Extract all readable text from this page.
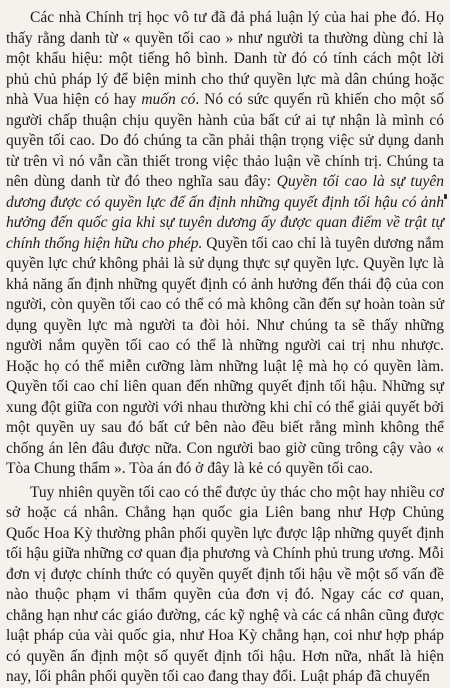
Các nhà Chính trị học vô tư đã đả phá luận lý của hai phe đó. Họ thấy rằng danh từ « quyền tối cao » như người ta thường dùng chỉ là một khẩu hiệu: một tiếng hô bình. Danh từ đó có tính cách một lời phủ chủ pháp lý để biện minh cho thứ quyền lực mà dân chúng hoặc nhà Vua hiện có hay muốn có. Nó có sức quyến rũ khiến cho một số người chấp thuận chịu quyền hành của bất cứ ai tự nhận là mình có quyền tối cao. Do đó chúng ta cần phải thận trọng việc sử dụng danh từ trên vì nó vẫn cần thiết trong việc thảo luận về chính trị. Chúng ta nên dùng danh từ đó theo nghĩa sau đây: Quyền tối cao là sự tuyên dương được có quyền lực để ấn định những quyết định tối hậu có ảnh hưởng đến quốc gia khi sự tuyên dương ấy được quan điểm về trật tự chính thống hiện hữu cho phép. Quyền tối cao chỉ là tuyên dương nắm quyền lực chứ không phải là sử dụng thực sự quyền lực. Quyền lực là khả năng ấn định những quyết định có ảnh hưởng đến thái độ của con người, còn quyền tối cao có thể có mà không cần đến sự hoàn toàn sử dụng quyền lực mà người ta đòi hỏi. Như chúng ta sẽ thấy những người nắm quyền tối cao có thể là những người cai trị nhu nhược. Hoặc họ có thể miễn cưỡng làm những luật lệ mà họ có quyền làm. Quyền tối cao chỉ liên quan đến những quyết định tối hậu. Những sự xung đột giữa con người với nhau thường khi chỉ có thể giải quyết bởi một quyền uy sau đó bất cứ bên nào đều biết rằng mình không thể chống án lên đâu được nữa. Con người bao giờ cũng trông cậy vào « Tòa Chung thẩm ». Tòa án đó ở đây là kẻ có quyền tối cao.

Tuy nhiên quyền tối cao có thể được ủy thác cho một hay nhiều cơ sở hoặc cá nhân. Chẳng hạn quốc gia Liên bang như Hợp Chủng Quốc Hoa Kỳ thường phân phối quyền lực được lập những quyết định tối hậu giữa những cơ quan địa phương và Chính phủ trung ương. Mỗi đơn vị được chính thức có quyền quyết định tối hậu về một số vấn đề nào thuộc phạm vi thẩm quyền của đơn vị đó. Ngay các cơ quan, chẳng hạn như các giáo đường, các kỹ nghệ và các cá nhân cũng được luật pháp của vài quốc gia, như Hoa Kỳ chẳng hạn, coi như hợp pháp có quyền ấn định một số quyết định tối hậu. Hơn nữa, nhất là hiện nay, lối phân phối quyền tối cao đang thay đổi. Luật pháp đã chuyển
